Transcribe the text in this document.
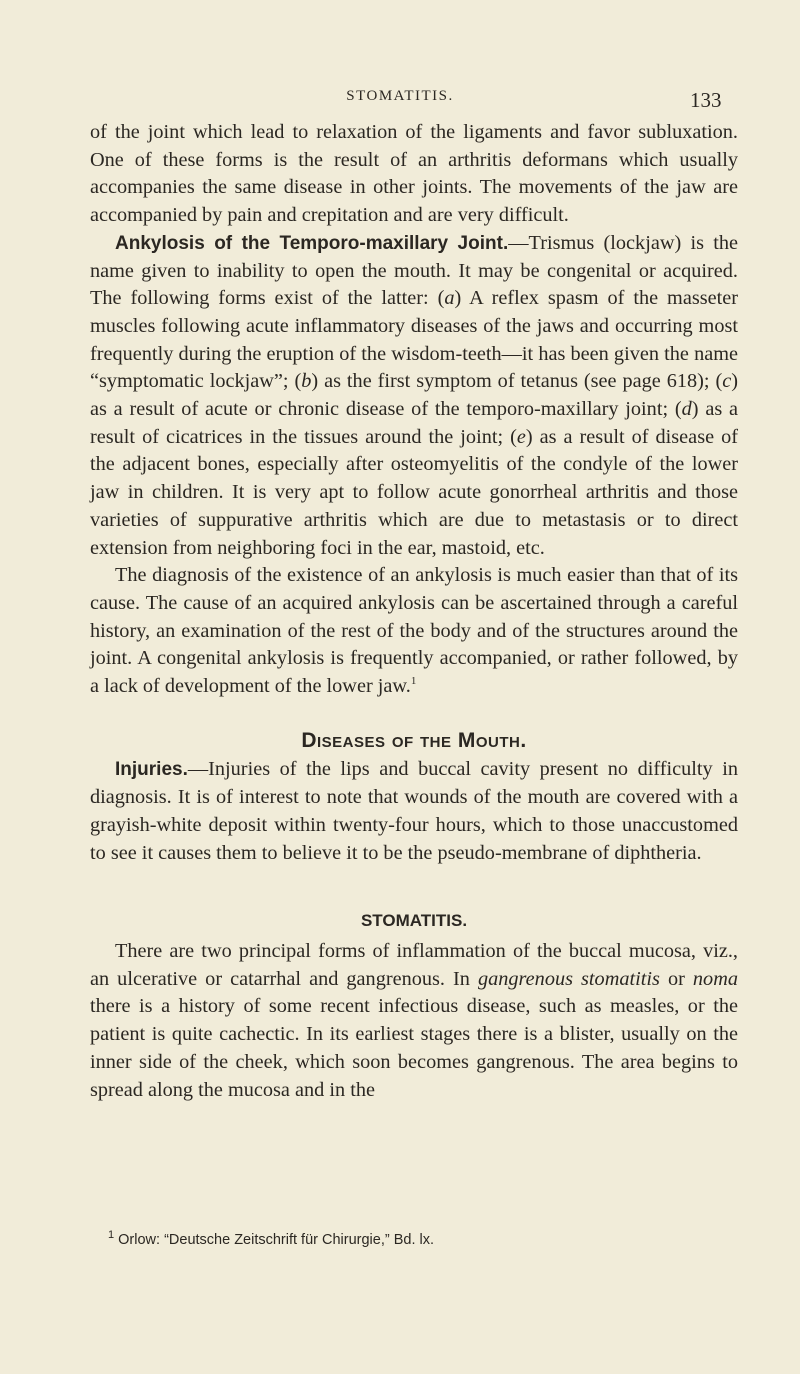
STOMATITIS.	133

of the joint which lead to relaxation of the ligaments and favor subluxation. One of these forms is the result of an arthritis deformans which usually accompanies the same disease in other joints. The movements of the jaw are accompanied by pain and crepitation and are very difficult.

Ankylosis of the Temporo-maxillary Joint.—Trismus (lockjaw) is the name given to inability to open the mouth. It may be congenital or acquired. The following forms exist of the latter: (a) A reflex spasm of the masseter muscles following acute inflammatory diseases of the jaws and occurring most frequently during the eruption of the wisdom-teeth—it has been given the name “symptomatic lockjaw”; (b) as the first symptom of tetanus (see page 618); (c) as a result of acute or chronic disease of the temporo-maxillary joint; (d) as a result of cicatrices in the tissues around the joint; (e) as a result of disease of the adjacent bones, especially after osteomyelitis of the condyle of the lower jaw in children. It is very apt to follow acute gonorrheal arthritis and those varieties of suppurative arthritis which are due to metastasis or to direct extension from neighboring foci in the ear, mastoid, etc.

The diagnosis of the existence of an ankylosis is much easier than that of its cause. The cause of an acquired ankylosis can be ascertained through a careful history, an examination of the rest of the body and of the structures around the joint. A congenital ankylosis is frequently accompanied, or rather followed, by a lack of development of the lower jaw.$^1$

Diseases of the Mouth.

Injuries.—Injuries of the lips and buccal cavity present no difficulty in diagnosis. It is of interest to note that wounds of the mouth are covered with a grayish-white deposit within twenty-four hours, which to those unaccustomed to see it causes them to believe it to be the pseudo-membrane of diphtheria.

STOMATITIS.

There are two principal forms of inflammation of the buccal mucosa, viz., an ulcerative or catarrhal and gangrenous. In gangrenous stomatitis or noma there is a history of some recent infectious disease, such as measles, or the patient is quite cachectic. In its earliest stages there is a blister, usually on the inner side of the cheek, which soon becomes gangrenous. The area begins to spread along the mucosa and in the

$^1$ Orlow: “Deutsche Zeitschrift für Chirurgie,” Bd. lx.
